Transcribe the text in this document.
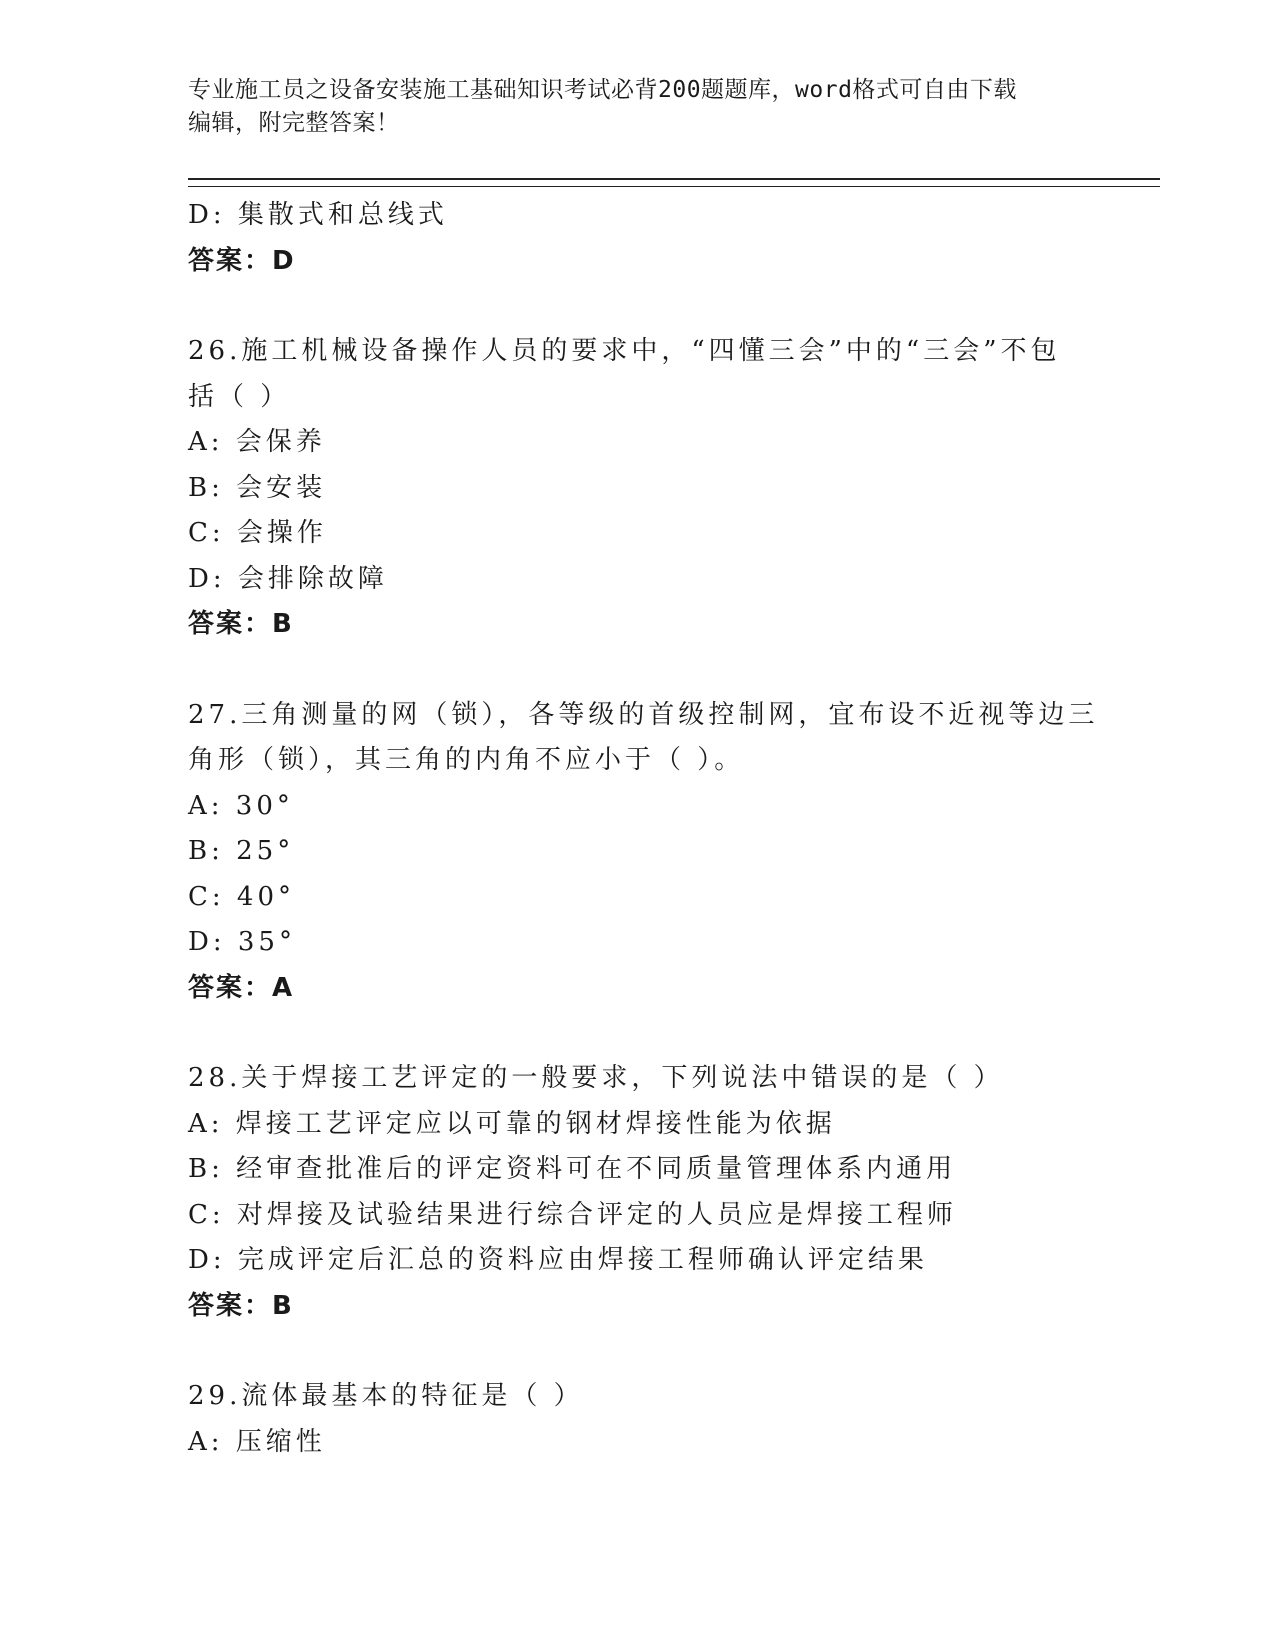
专业施工员之设备安装施工基础知识考试必背200题题库，word格式可自由下载
编辑，附完整答案！
D: 集散式和总线式
答案：D
26.施工机械设备操作人员的要求中，“四懂三会”中的“三会”不包
括（ ）
A: 会保养
B: 会安装
C: 会操作
D: 会排除故障
答案：B
27.三角测量的网（锁），各等级的首级控制网，宜布设不近视等边三
角形（锁），其三角的内角不应小于（ ）。
A: 30°
B: 25°
C: 40°
D: 35°
答案：A
28.关于焊接工艺评定的一般要求，下列说法中错误的是（ ）
A: 焊接工艺评定应以可靠的钢材焊接性能为依据
B: 经审查批准后的评定资料可在不同质量管理体系内通用
C: 对焊接及试验结果进行综合评定的人员应是焊接工程师
D: 完成评定后汇总的资料应由焊接工程师确认评定结果
答案：B
29.流体最基本的特征是（ ）
A: 压缩性
